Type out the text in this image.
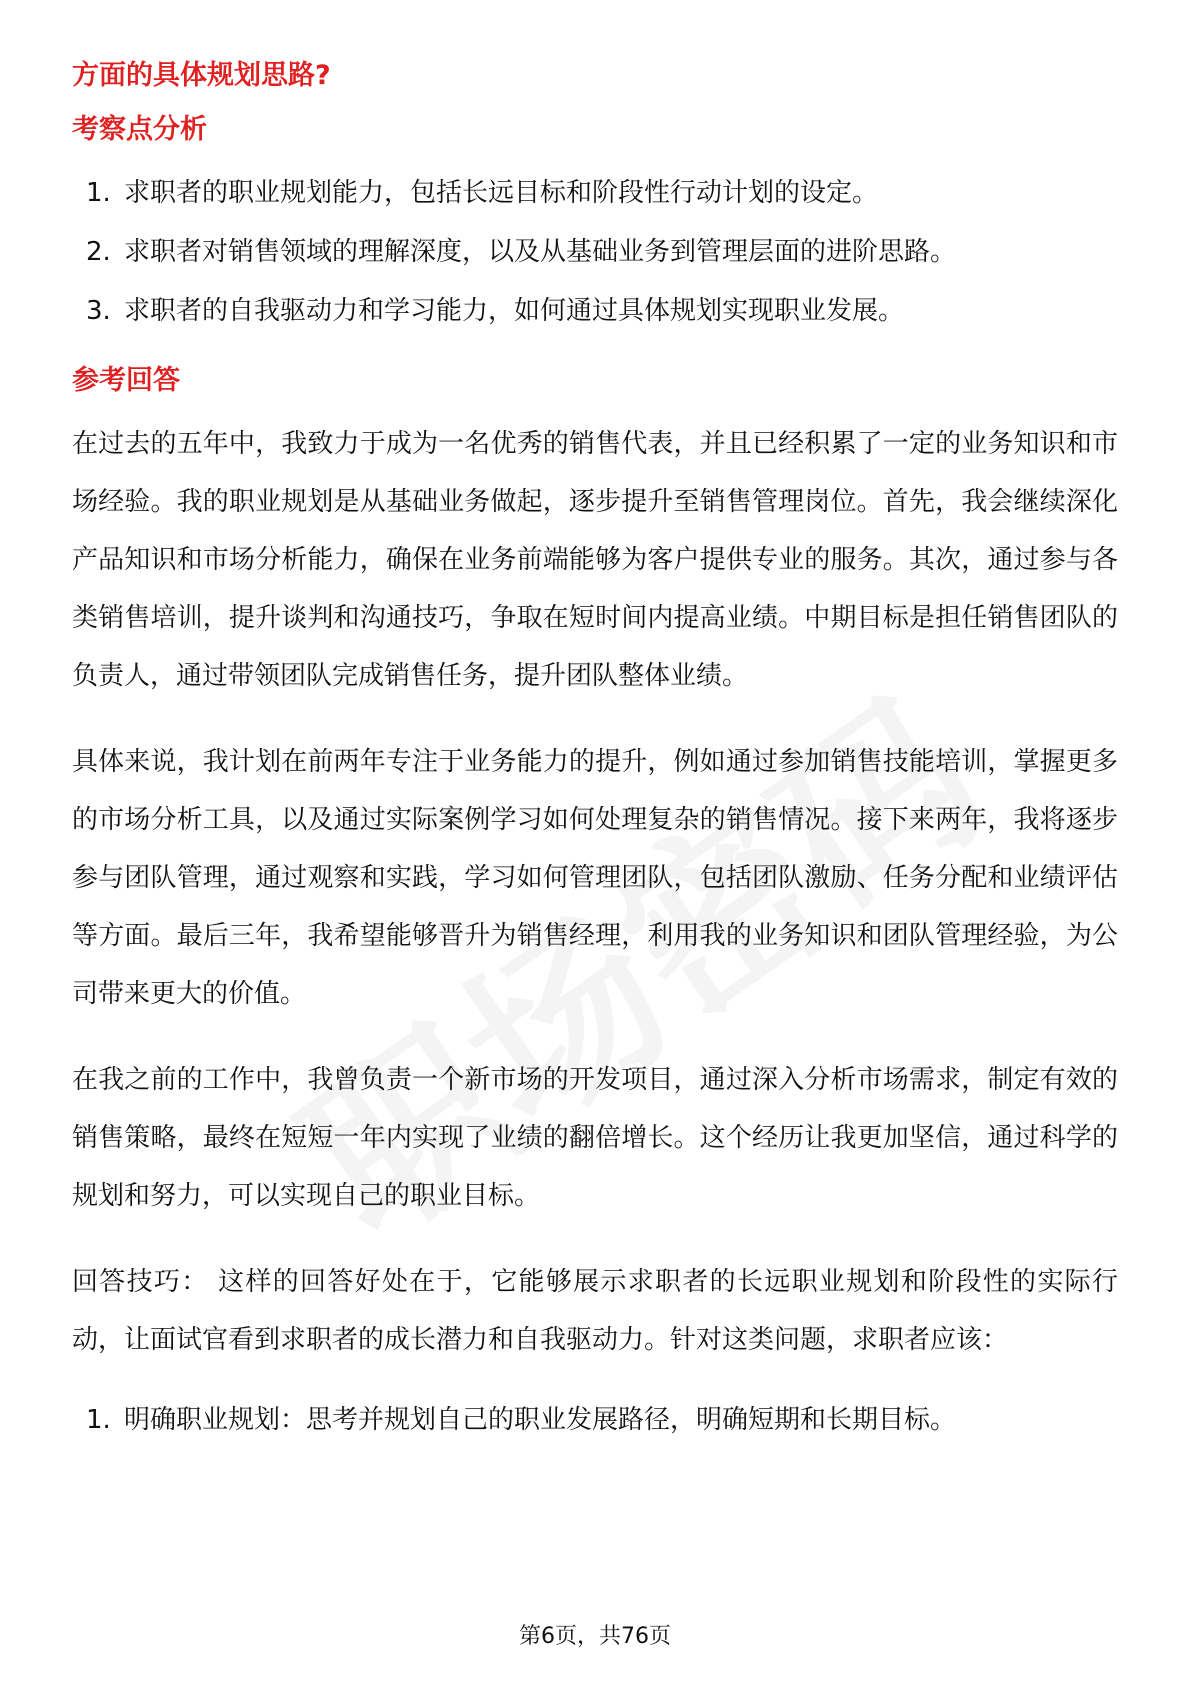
方面的具体规划思路?
考察点分析
1. 求职者的职业规划能力，包括长远目标和阶段性行动计划的设定。
2. 求职者对销售领域的理解深度，以及从基础业务到管理层面的进阶思路。
3. 求职者的自我驱动力和学习能力，如何通过具体规划实现职业发展。
参考回答

在过去的五年中，我致力于成为一名优秀的销售代表，并且已经积累了一定的业务知识和市场经验。我的职业规划是从基础业务做起，逐步提升至销售管理岗位。首先，我会继续深化产品知识和市场分析能力，确保在业务前端能够为客户提供专业的服务。其次，通过参与各类销售培训，提升谈判和沟通技巧，争取在短时间内提高业绩。中期目标是担任销售团队的负责人，通过带领团队完成销售任务，提升团队整体业绩。

具体来说，我计划在前两年专注于业务能力的提升，例如通过参加销售技能培训，掌握更多的市场分析工具，以及通过实际案例学习如何处理复杂的销售情况。接下来两年，我将逐步参与团队管理，通过观察和实践，学习如何管理团队，包括团队激励、任务分配和业绩评估等方面。最后三年，我希望能够晋升为销售经理，利用我的业务知识和团队管理经验，为公司带来更大的价值。

在我之前的工作中，我曾负责一个新市场的开发项目，通过深入分析市场需求，制定有效的销售策略，最终在短短一年内实现了业绩的翻倍增长。这个经历让我更加坚信，通过科学的规划和努力，可以实现自己的职业目标。

回答技巧： 这样的回答好处在于，它能够展示求职者的长远职业规划和阶段性的实际行动，让面试官看到求职者的成长潜力和自我驱动力。针对这类问题，求职者应该：

1. 明确职业规划：思考并规划自己的职业发展路径，明确短期和长期目标。
第6页，共76页
